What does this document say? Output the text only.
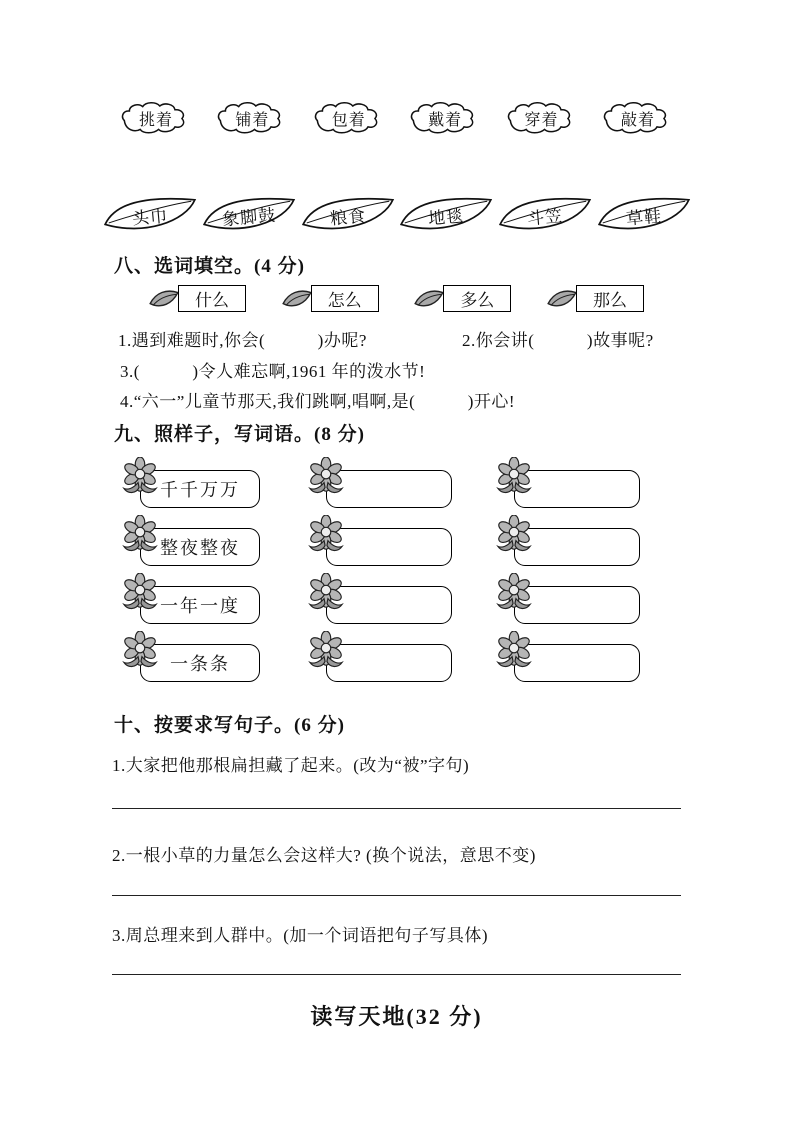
挑着	铺着	包着	戴着	穿着	敲着
头巾	象脚鼓	粮食	地毯	斗笠	草鞋
八、选词填空。(4 分)
什么	怎么	多么	那么
1.遇到难题时,你会(　　　)办呢?	2.你会讲(　　　)故事呢?
3.(　　　)令人难忘啊,1961 年的泼水节!
4.“六一”儿童节那天,我们跳啊,唱啊,是(　　　)开心!
九、照样子，写词语。(8 分)
千千万万
整夜整夜
一年一度
一条条
十、按要求写句子。(6 分)
1.大家把他那根扁担藏了起来。(改为“被”字句)
2.一根小草的力量怎么会这样大? (换个说法，意思不变)
3.周总理来到人群中。(加一个词语把句子写具体)
读写天地(32 分)
